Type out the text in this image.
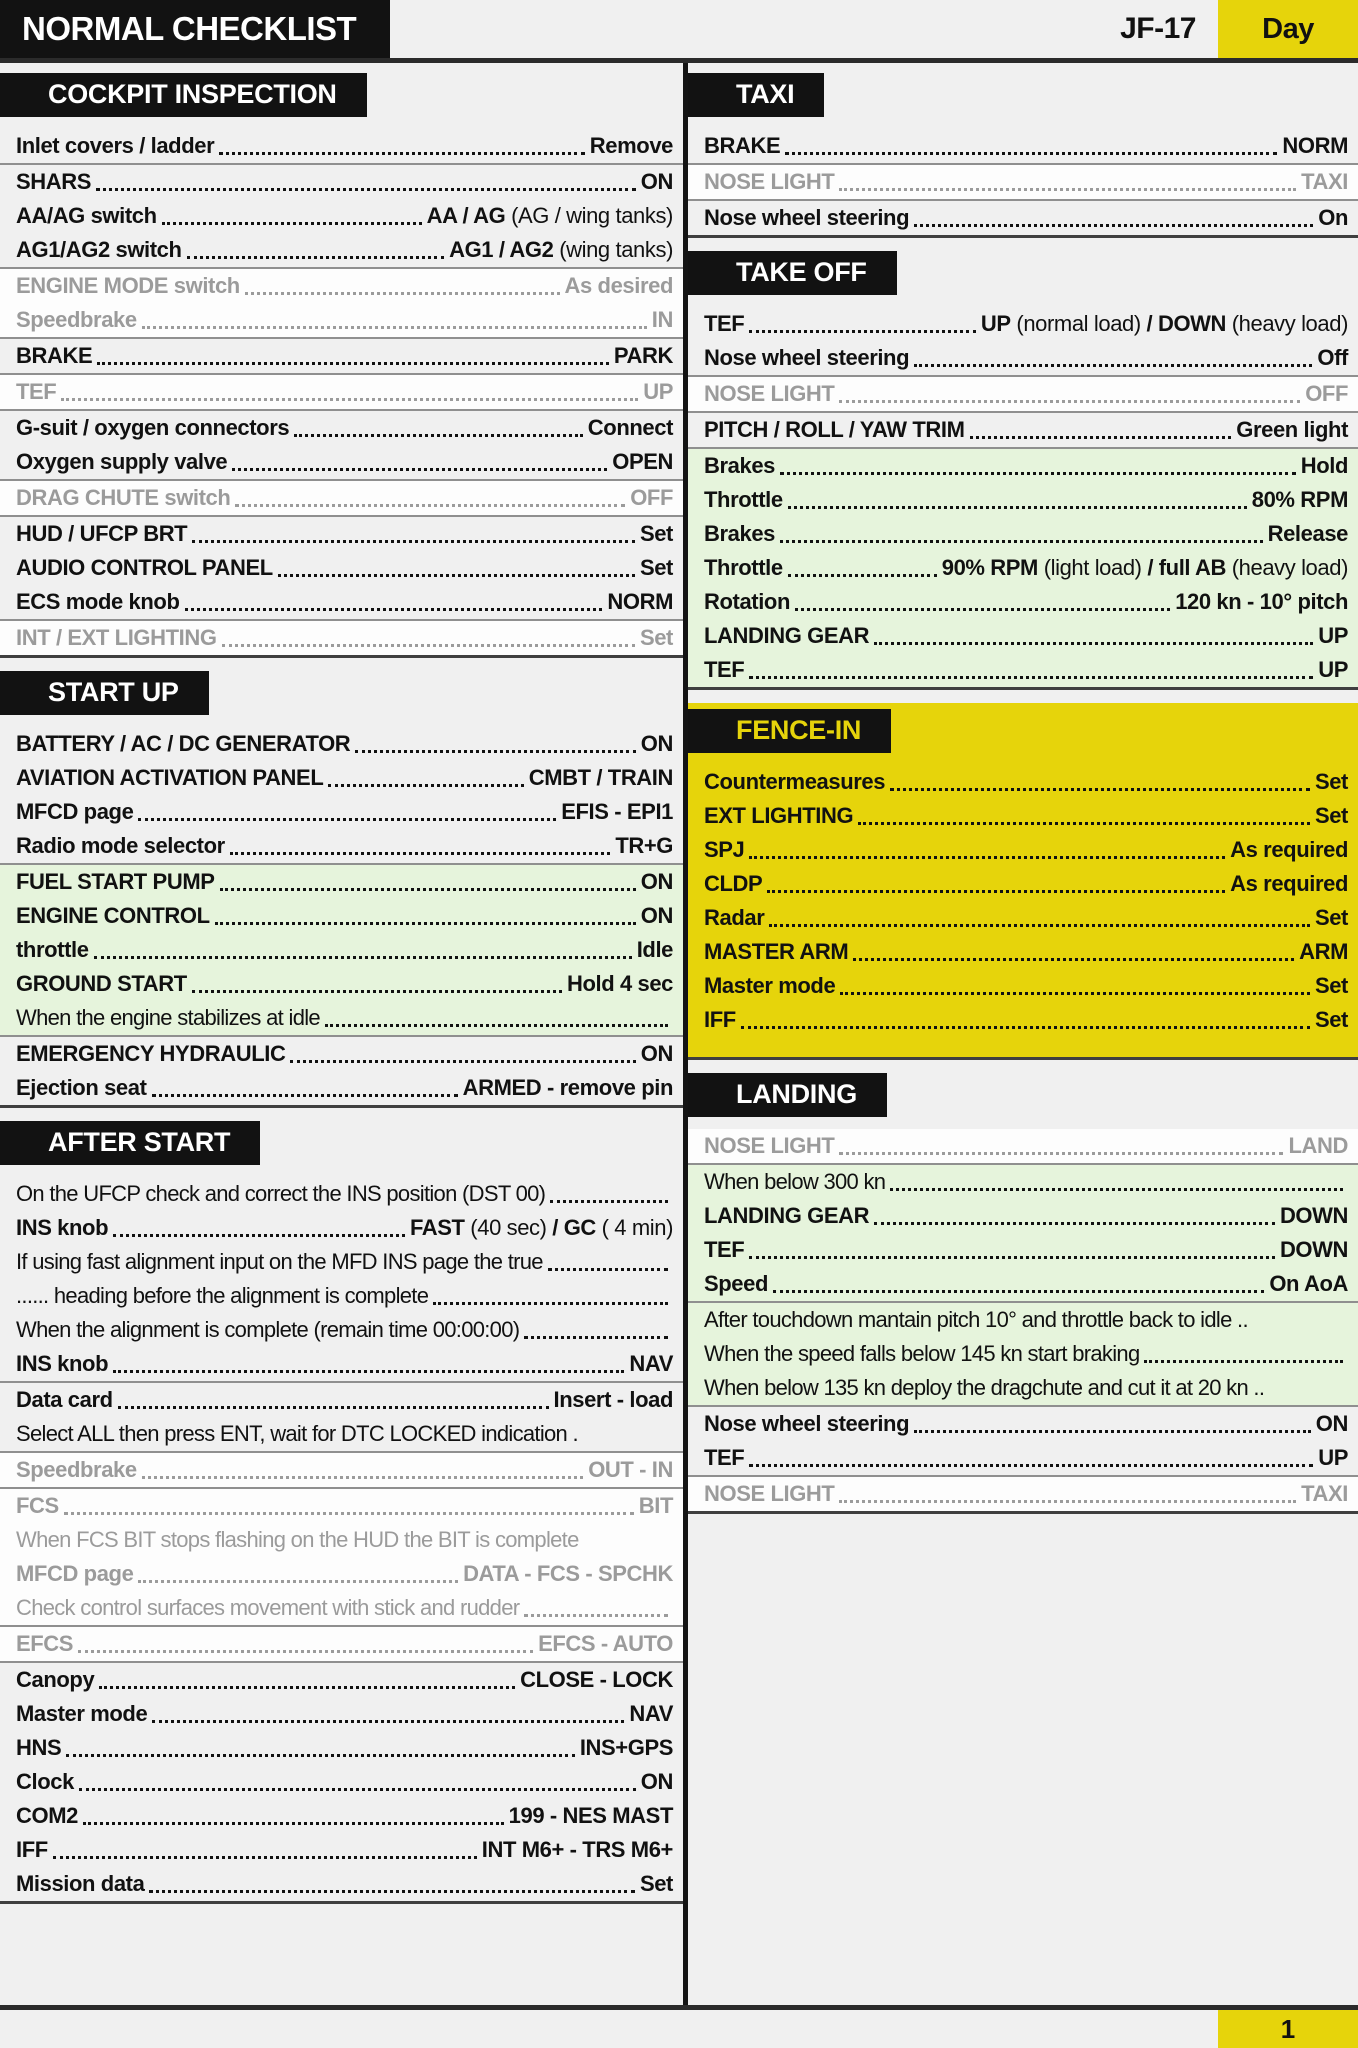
NORMAL CHECKLIST	JF-17	Day
COCKPIT INSPECTION
Inlet covers / ladder	Remove
SHARS	ON
AA/AG switch	AA / AG (AG / wing tanks)
AG1/AG2 switch	AG1 / AG2 (wing tanks)
ENGINE MODE switch	As desired
Speedbrake	IN
BRAKE	PARK
TEF	UP
G-suit / oxygen connectors	Connect
Oxygen supply valve	OPEN
DRAG CHUTE switch	OFF
HUD / UFCP BRT	Set
AUDIO CONTROL PANEL	Set
ECS mode knob	NORM
INT / EXT LIGHTING	Set
START UP
BATTERY / AC / DC GENERATOR	ON
AVIATION ACTIVATION PANEL	CMBT / TRAIN
MFCD page	EFIS - EPI1
Radio mode selector	TR+G
FUEL START PUMP	ON
ENGINE CONTROL	ON
throttle	Idle
GROUND START	Hold 4 sec
When the engine stabilizes at idle
EMERGENCY HYDRAULIC	ON
Ejection seat	ARMED - remove pin
AFTER START
On the UFCP check and correct the INS position (DST 00)
INS knob	FAST (40 sec) / GC ( 4 min)
If using fast alignment input on the MFD INS page the true
...... heading before the alignment is complete
When the alignment is complete (remain time 00:00:00)
INS knob	NAV
Data card	Insert - load
Select ALL then press ENT, wait for DTC LOCKED indication .
Speedbrake	OUT - IN
FCS	BIT
When FCS BIT stops flashing on the HUD the BIT is complete
MFCD page	DATA - FCS - SPCHK
Check control surfaces movement with stick and rudder
EFCS	EFCS - AUTO
Canopy	CLOSE - LOCK
Master mode	NAV
HNS	INS+GPS
Clock	ON
COM2	199 - NES MAST
IFF	INT M6+ - TRS M6+
Mission data	Set
TAXI
BRAKE	NORM
NOSE LIGHT	TAXI
Nose wheel steering	On
TAKE OFF
TEF	UP (normal load) / DOWN (heavy load)
Nose wheel steering	Off
NOSE LIGHT	OFF
PITCH / ROLL / YAW TRIM	Green light
Brakes	Hold
Throttle	80% RPM
Brakes	Release
Throttle	90% RPM (light load) / full AB (heavy load)
Rotation	120 kn - 10° pitch
LANDING GEAR	UP
TEF	UP
FENCE-IN
Countermeasures	Set
EXT LIGHTING	Set
SPJ	As required
CLDP	As required
Radar	Set
MASTER ARM	ARM
Master mode	Set
IFF	Set
LANDING
NOSE LIGHT	LAND
When below 300 kn
LANDING GEAR	DOWN
TEF	DOWN
Speed	On AoA
After touchdown mantain pitch 10° and throttle back to idle ..
When the speed falls below 145 kn start braking
When below 135 kn deploy the dragchute and cut it at 20 kn ..
Nose wheel steering	ON
TEF	UP
NOSE LIGHT	TAXI
1
